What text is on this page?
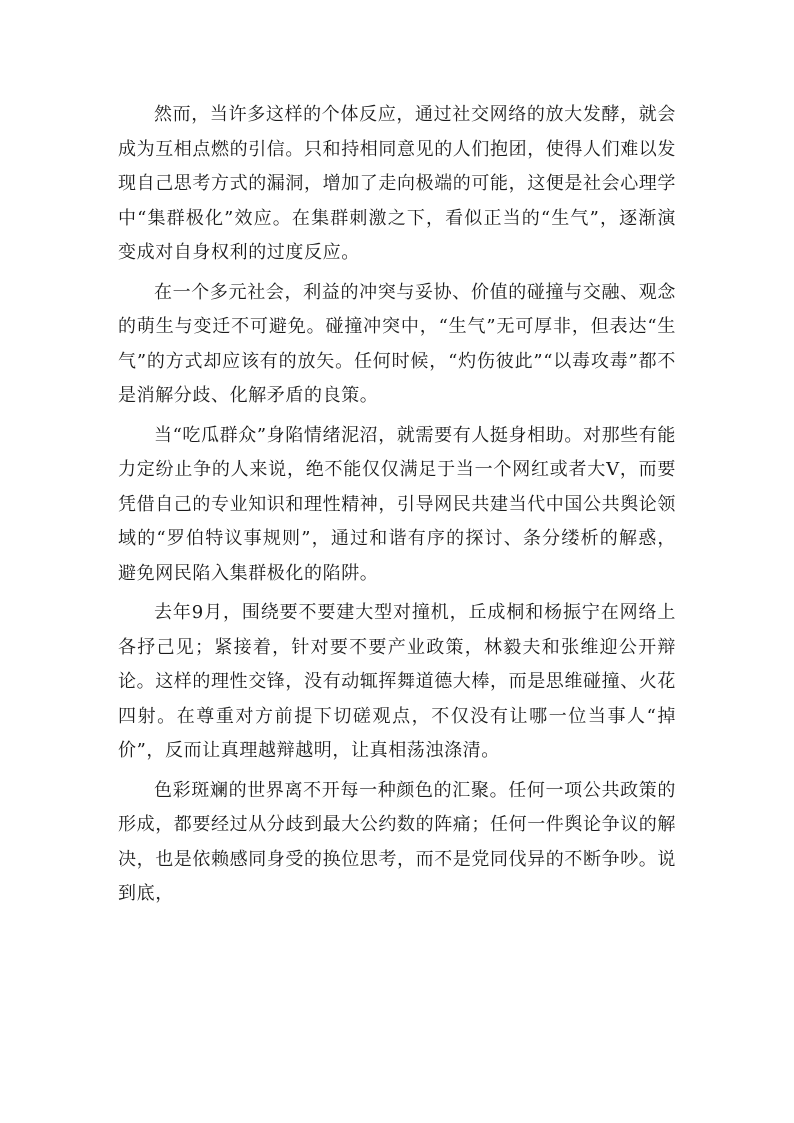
然而，当许多这样的个体反应，通过社交网络的放大发酵，就会成为互相点燃的引信。只和持相同意见的人们抱团，使得人们难以发现自己思考方式的漏洞，增加了走向极端的可能，这便是社会心理学中“集群极化”效应。在集群刺激之下，看似正当的“生气”，逐渐演变成对自身权利的过度反应。

在一个多元社会，利益的冲突与妥协、价值的碰撞与交融、观念的萌生与变迁不可避免。碰撞冲突中，“生气”无可厚非，但表达“生气”的方式却应该有的放矢。任何时候，“灼伤彼此”“以毒攻毒”都不是消解分歧、化解矛盾的良策。

当“吃瓜群众”身陷情绪泥沼，就需要有人挺身相助。对那些有能力定纷止争的人来说，绝不能仅仅满足于当一个网红或者大V，而要凭借自己的专业知识和理性精神，引导网民共建当代中国公共舆论领域的“罗伯特议事规则”，通过和谐有序的探讨、条分缕析的解惑，避免网民陷入集群极化的陷阱。

去年9月，围绕要不要建大型对撞机，丘成桐和杨振宁在网络上各抒己见；紧接着，针对要不要产业政策，林毅夫和张维迎公开辩论。这样的理性交锋，没有动辄挥舞道德大棒，而是思维碰撞、火花四射。在尊重对方前提下切磋观点，不仅没有让哪一位当事人“掉价”，反而让真理越辩越明，让真相荡浊涤清。

色彩斑斓的世界离不开每一种颜色的汇聚。任何一项公共政策的形成，都要经过从分歧到最大公约数的阵痛；任何一件舆论争议的解决，也是依赖感同身受的换位思考，而不是党同伐异的不断争吵。说到底，
